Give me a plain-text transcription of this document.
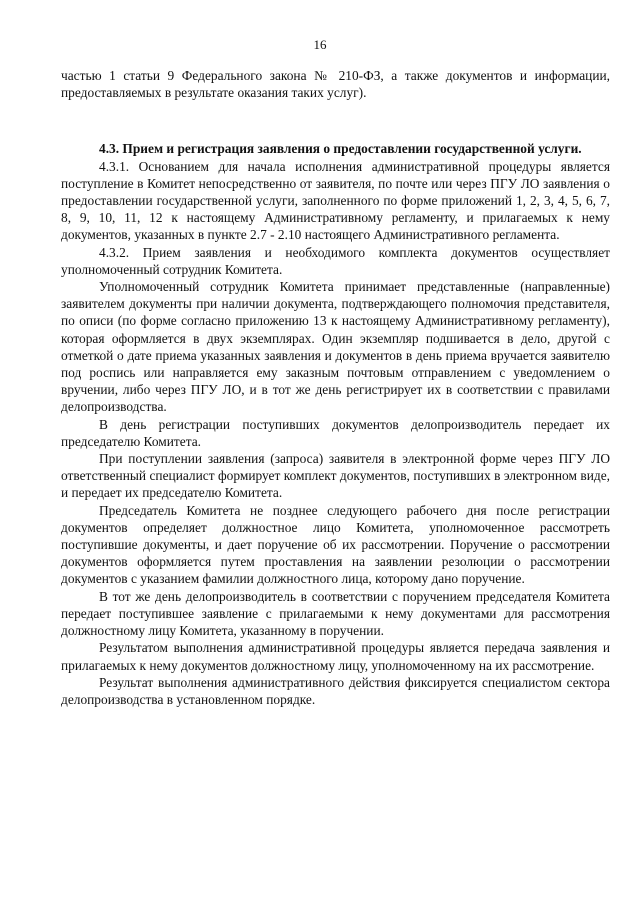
16

частью 1 статьи 9 Федерального закона № 210-ФЗ, а также документов и информации, предоставляемых в результате оказания таких услуг).

4.3. Прием и регистрация заявления о предоставлении государственной услуги.

4.3.1. Основанием для начала исполнения административной процедуры является поступление в Комитет непосредственно от заявителя, по почте или через ПГУ ЛО заявления о предоставлении государственной услуги, заполненного по форме приложений 1, 2, 3, 4, 5, 6, 7, 8, 9, 10, 11, 12 к настоящему Административному регламенту, и прилагаемых к нему документов, указанных в пункте 2.7 - 2.10 настоящего Административного регламента.

4.3.2. Прием заявления и необходимого комплекта документов осуществляет уполномоченный сотрудник Комитета.

Уполномоченный сотрудник Комитета принимает представленные (направленные) заявителем документы при наличии документа, подтверждающего полномочия представителя, по описи (по форме согласно приложению 13 к настоящему Административному регламенту), которая оформляется в двух экземплярах. Один экземпляр подшивается в дело, другой с отметкой о дате приема указанных заявления и документов в день приема вручается заявителю под роспись или направляется ему заказным почтовым отправлением с уведомлением о вручении, либо через ПГУ ЛО, и в тот же день регистрирует их в соответствии с правилами делопроизводства.

В день регистрации поступивших документов делопроизводитель передает их председателю Комитета.

При поступлении заявления (запроса) заявителя в электронной форме через ПГУ ЛО ответственный специалист формирует комплект документов, поступивших в электронном виде, и передает их председателю Комитета.

Председатель Комитета не позднее следующего рабочего дня после регистрации документов определяет должностное лицо Комитета, уполномоченное рассмотреть поступившие документы, и дает поручение об их рассмотрении. Поручение о рассмотрении документов оформляется путем проставления на заявлении резолюции о рассмотрении документов с указанием фамилии должностного лица, которому дано поручение.

В тот же день делопроизводитель в соответствии с поручением председателя Комитета передает поступившее заявление с прилагаемыми к нему документами для рассмотрения должностному лицу Комитета, указанному в поручении.

Результатом выполнения административной процедуры является передача заявления и прилагаемых к нему документов должностному лицу, уполномоченному на их рассмотрение.

Результат выполнения административного действия фиксируется специалистом сектора делопроизводства в установленном порядке.
